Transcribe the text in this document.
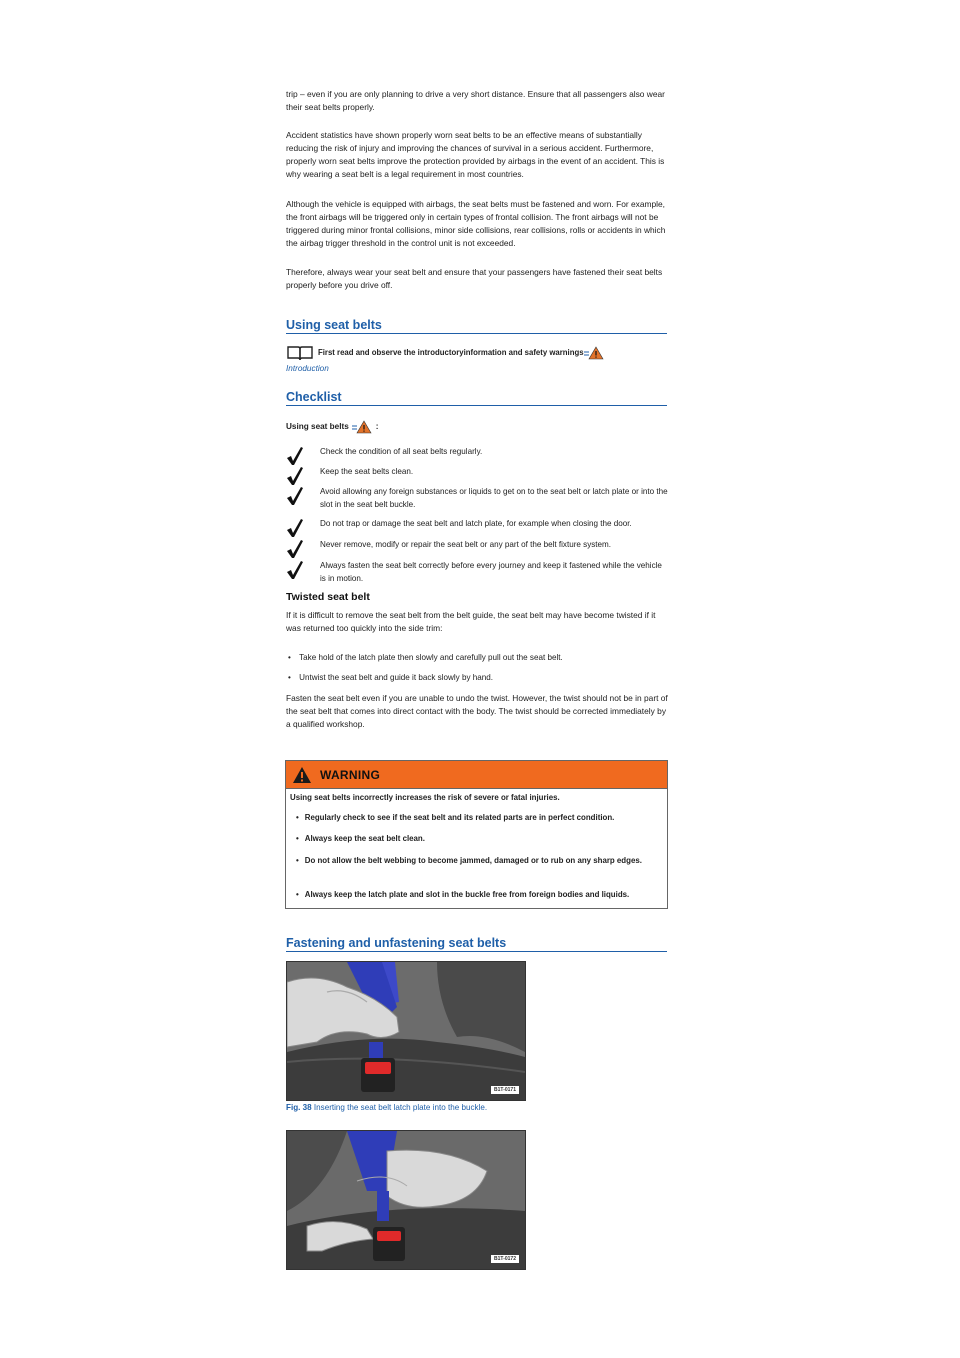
trip – even if you are only planning to drive a very short distance. Ensure that all passengers also wear their seat belts properly.

Accident statistics have shown properly worn seat belts to be an effective means of substantially reducing the risk of injury and improving the chances of survival in a serious accident. Furthermore, properly worn seat belts improve the protection provided by airbags in the event of an accident. This is why wearing a seat belt is a legal requirement in most countries.

Although the vehicle is equipped with airbags, the seat belts must be fastened and worn. For example, the front airbags will be triggered only in certain types of frontal collision. The front airbags will not be triggered during minor frontal collisions, minor side collisions, rear collisions, rolls or accidents in which the airbag trigger threshold in the control unit is not exceeded.

Therefore, always wear your seat belt and ensure that your passengers have fastened their seat belts properly before you drive off.

Using seat belts
First read and observe the introductoryinformation and safety warnings
Introduction
Checklist
Using seat belts	:
Check the condition of all seat belts regularly.
Keep the seat belts clean.
Avoid allowing any foreign substances or liquids to get on to the seat belt or latch plate or into the slot in the seat belt buckle.
Do not trap or damage the seat belt and latch plate, for example when closing the door.
Never remove, modify or repair the seat belt or any part of the belt fixture system.
Always fasten the seat belt correctly before every journey and keep it fastened while the vehicle is in motion.
Twisted seat belt

If it is difficult to remove the seat belt from the belt guide, the seat belt may have become twisted if it was returned too quickly into the side trim:

• Take hold of the latch plate then slowly and carefully pull out the seat belt.
• Untwist the seat belt and guide it back slowly by hand.

Fasten the seat belt even if you are unable to undo the twist. However, the twist should not be in part of the seat belt that comes into direct contact with the body. The twist should be corrected immediately by a qualified workshop.

WARNING
Using seat belts incorrectly increases the risk of severe or fatal injuries.
• Regularly check to see if the seat belt and its related parts are in perfect condition.
• Always keep the seat belt clean.
• Do not allow the belt webbing to become jammed, damaged or to rub on any sharp edges.
• Always keep the latch plate and slot in the buckle free from foreign bodies and liquids.
Fastening and unfastening seat belts
B1T-0171
Fig. 38 Inserting the seat belt latch plate into the buckle.
B1T-0172
